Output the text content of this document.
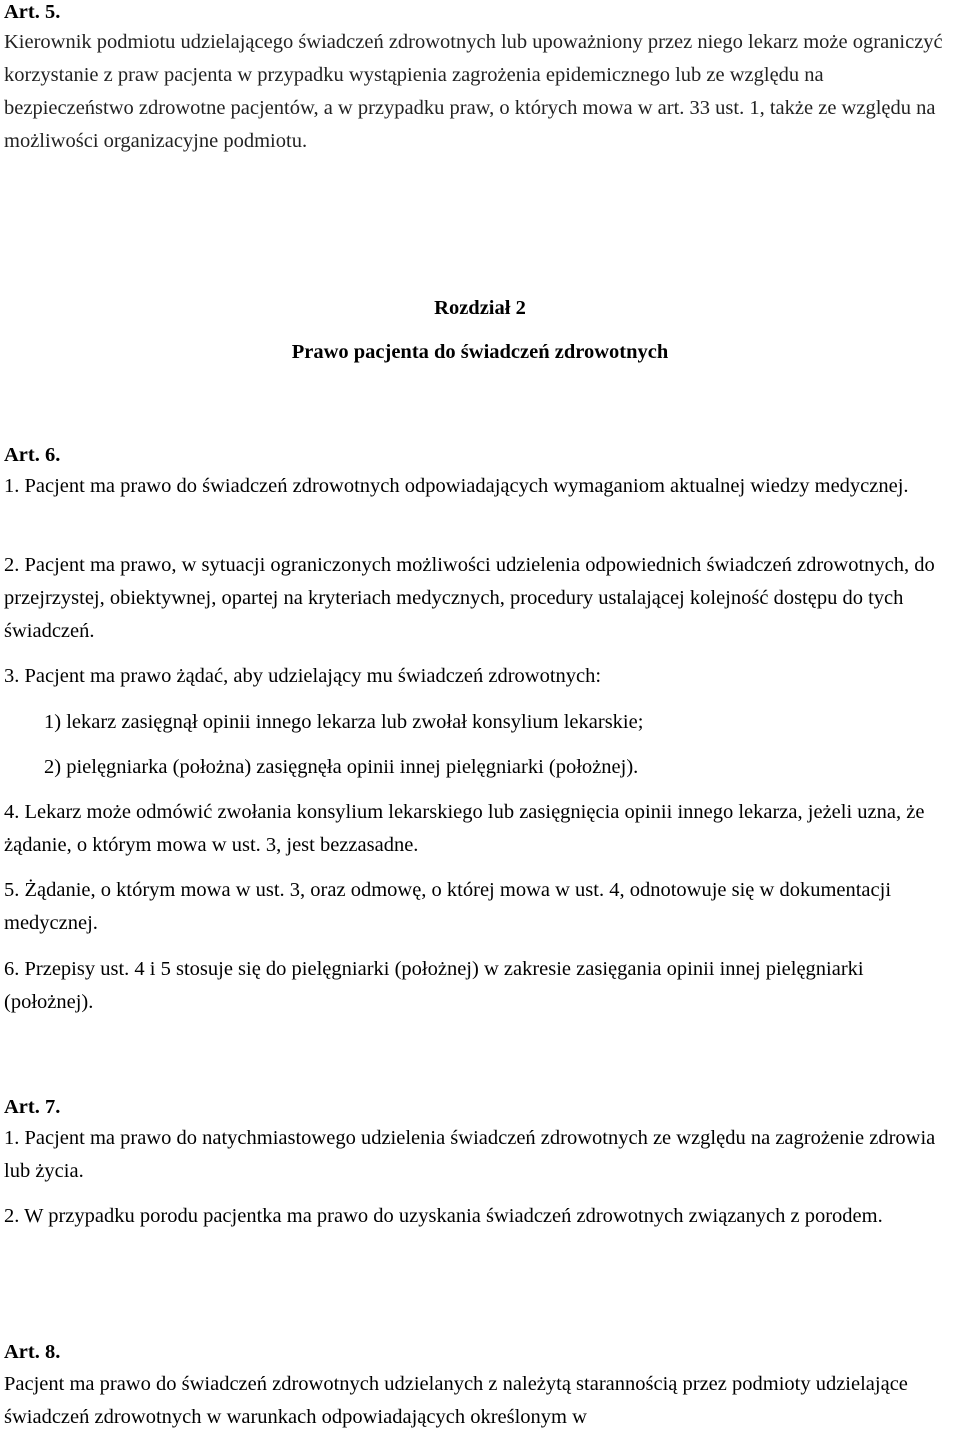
Art. 5.

Kierownik podmiotu udzielającego świadczeń zdrowotnych lub upoważniony przez niego lekarz może ograniczyć korzystanie z praw pacjenta w przypadku wystąpienia zagrożenia epidemicznego lub ze względu na bezpieczeństwo zdrowotne pacjentów, a w przypadku praw, o których mowa w art. 33 ust. 1, także ze względu na możliwości organizacyjne podmiotu.

Rozdział 2
Prawo pacjenta do świadczeń zdrowotnych
Art. 6.

1. Pacjent ma prawo do świadczeń zdrowotnych odpowiadających wymaganiom aktualnej wiedzy medycznej.

2. Pacjent ma prawo, w sytuacji ograniczonych możliwości udzielenia odpowiednich świadczeń zdrowotnych, do przejrzystej, obiektywnej, opartej na kryteriach medycznych, procedury ustalającej kolejność dostępu do tych świadczeń.

3. Pacjent ma prawo żądać, aby udzielający mu świadczeń zdrowotnych:

1) lekarz zasięgnął opinii innego lekarza lub zwołał konsylium lekarskie;

2) pielęgniarka (położna) zasięgnęła opinii innej pielęgniarki (położnej).

4. Lekarz może odmówić zwołania konsylium lekarskiego lub zasięgnięcia opinii innego lekarza, jeżeli uzna, że żądanie, o którym mowa w ust. 3, jest bezzasadne.

5. Żądanie, o którym mowa w ust. 3, oraz odmowę, o której mowa w ust. 4, odnotowuje się w dokumentacji medycznej.

6. Przepisy ust. 4 i 5 stosuje się do pielęgniarki (położnej) w zakresie zasięgania opinii innej pielęgniarki (położnej).

Art. 7.

1. Pacjent ma prawo do natychmiastowego udzielenia świadczeń zdrowotnych ze względu na zagrożenie zdrowia lub życia.

2. W przypadku porodu pacjentka ma prawo do uzyskania świadczeń zdrowotnych związanych z porodem.

Art. 8.

Pacjent ma prawo do świadczeń zdrowotnych udzielanych z należytą starannością przez podmioty udzielające świadczeń zdrowotnych w warunkach odpowiadających określonym w
